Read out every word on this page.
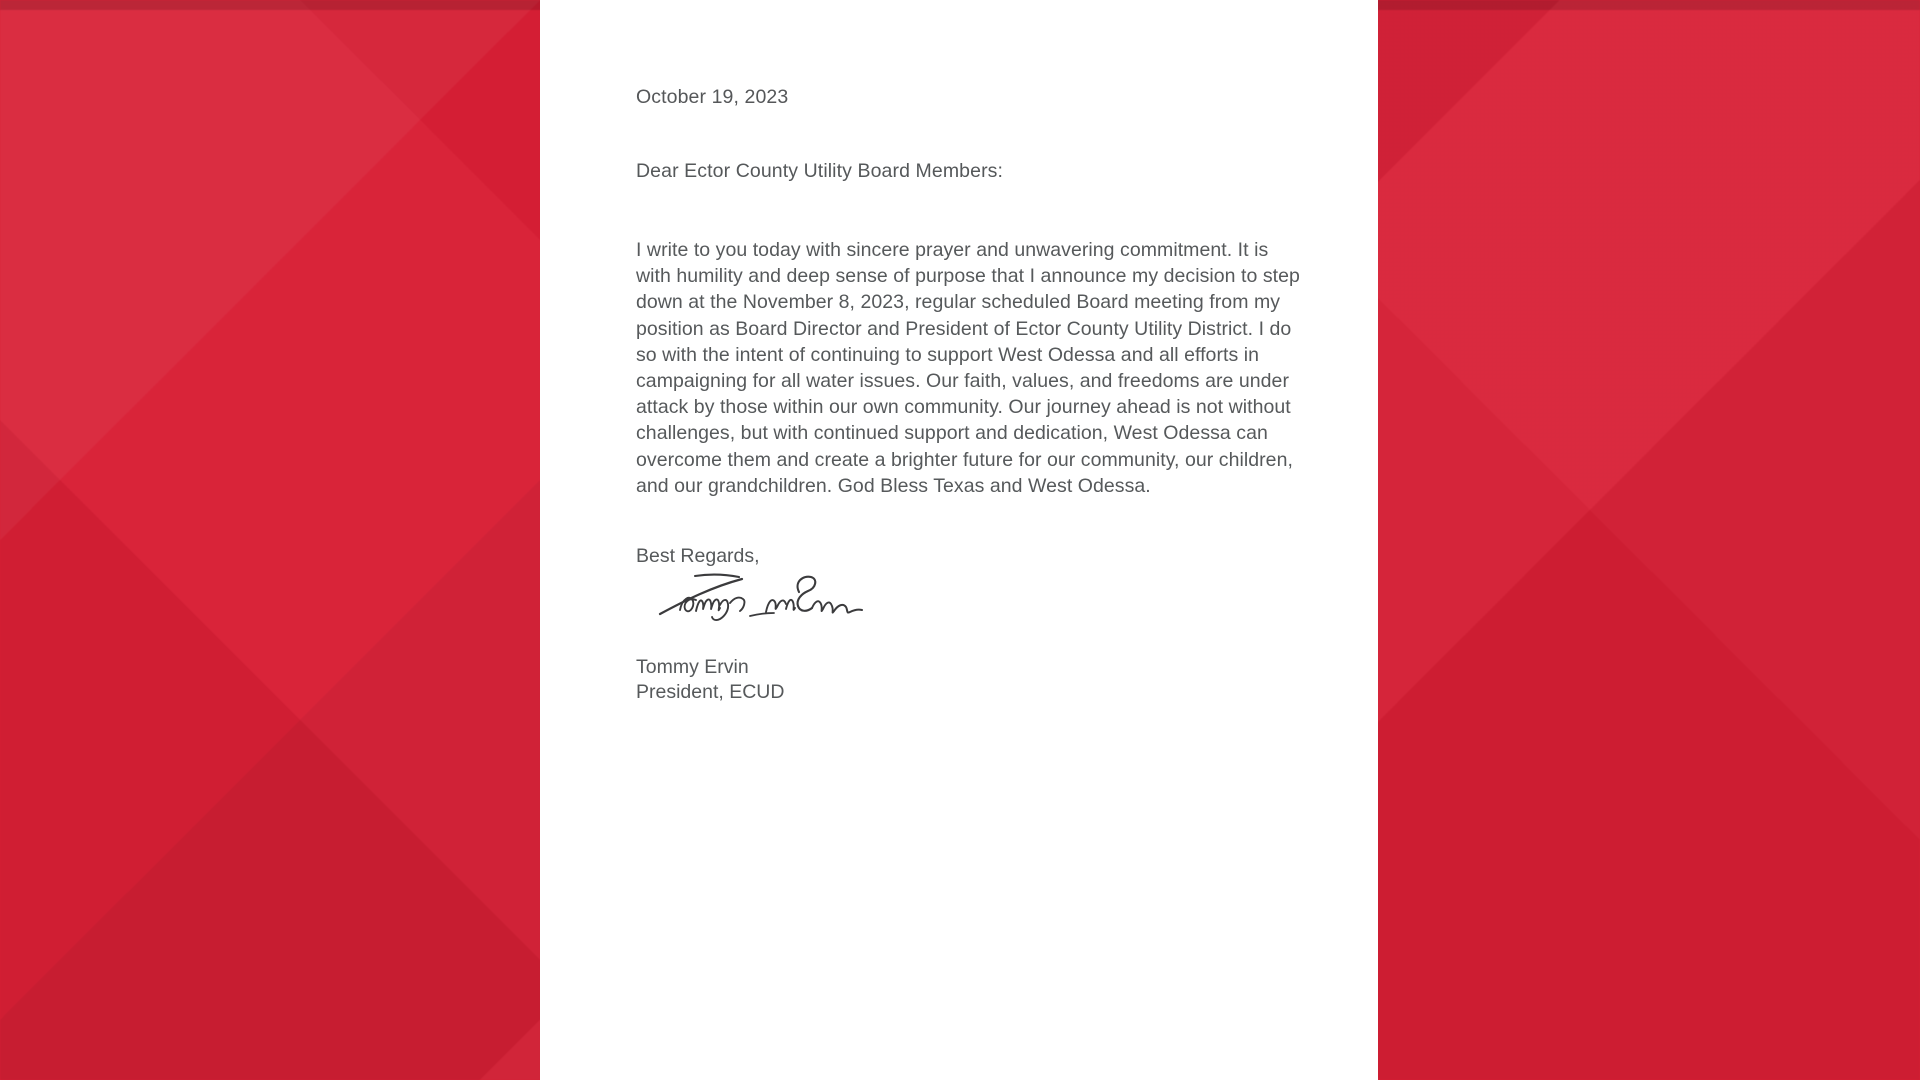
October 19, 2023
Dear Ector County Utility Board Members:
I write to you today with sincere prayer and unwavering commitment. It is with humility and deep sense of purpose that I announce my decision to step down at the November 8, 2023, regular scheduled Board meeting from my position as Board Director and President of Ector County Utility District. I do so with the intent of continuing to support West Odessa and all efforts in campaigning for all water issues. Our faith, values, and freedoms are under attack by those within our own community. Our journey ahead is not without challenges, but with continued support and dedication, West Odessa can overcome them and create a brighter future for our community, our children, and our grandchildren. God Bless Texas and West Odessa.
Best Regards,
Tommy Ervin
President, ECUD
